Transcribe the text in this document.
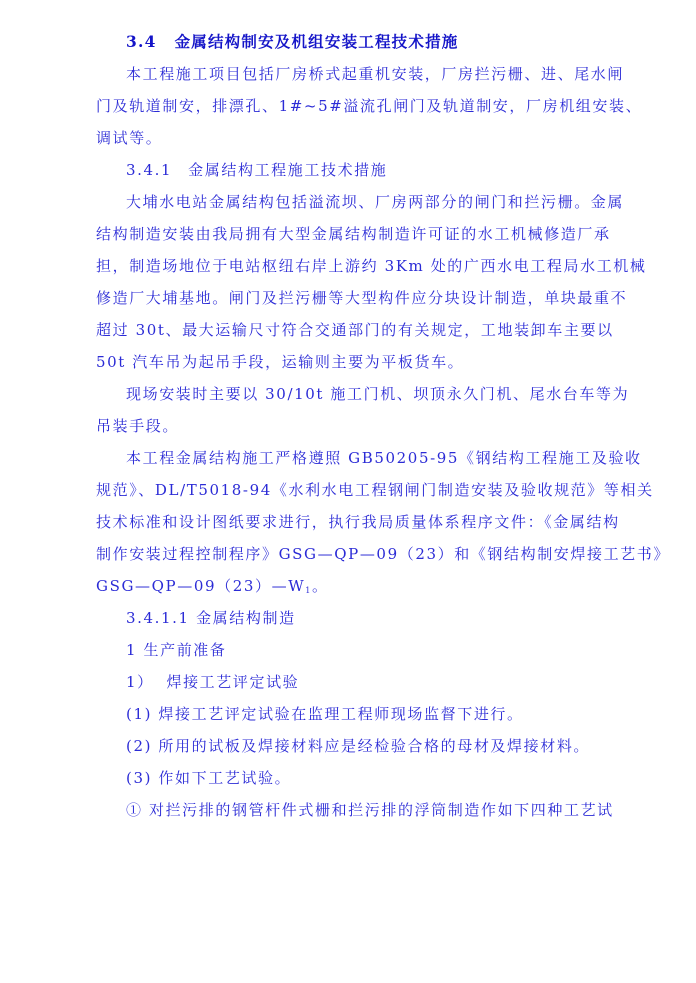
3.4 金属结构制安及机组安装工程技术措施
本工程施工项目包括厂房桥式起重机安装，厂房拦污栅、进、尾水闸
门及轨道制安，排漂孔、1#~5#溢流孔闸门及轨道制安，厂房机组安装、
调试等。
3.4.1 金属结构工程施工技术措施
大埔水电站金属结构包括溢流坝、厂房两部分的闸门和拦污栅。金属
结构制造安装由我局拥有大型金属结构制造许可证的水工机械修造厂承
担，制造场地位于电站枢纽右岸上游约 3Km 处的广西水电工程局水工机械
修造厂大埔基地。闸门及拦污栅等大型构件应分块设计制造，单块最重不
超过 30t、最大运输尺寸符合交通部门的有关规定，工地装卸车主要以
50t 汽车吊为起吊手段，运输则主要为平板货车。
现场安装时主要以 30/10t 施工门机、坝顶永久门机、尾水台车等为
吊装手段。
本工程金属结构施工严格遵照 GB50205-95《钢结构工程施工及验收
规范》、DL/T5018-94《水利水电工程钢闸门制造安装及验收规范》等相关
技术标准和设计图纸要求进行，执行我局质量体系程序文件：《金属结构
制作安装过程控制程序》GSG—QP—09（23）和《钢结构制安焊接工艺书》
$GSG—QP—09(23)—W_1$。
3.4.1.1 金属结构制造
1 生产前准备
1）  焊接工艺评定试验
(1) 焊接工艺评定试验在监理工程师现场监督下进行。
(2) 所用的试板及焊接材料应是经检验合格的母材及焊接材料。
(3) 作如下工艺试验。
① 对拦污排的钢管杆件式栅和拦污排的浮筒制造作如下四种工艺试
